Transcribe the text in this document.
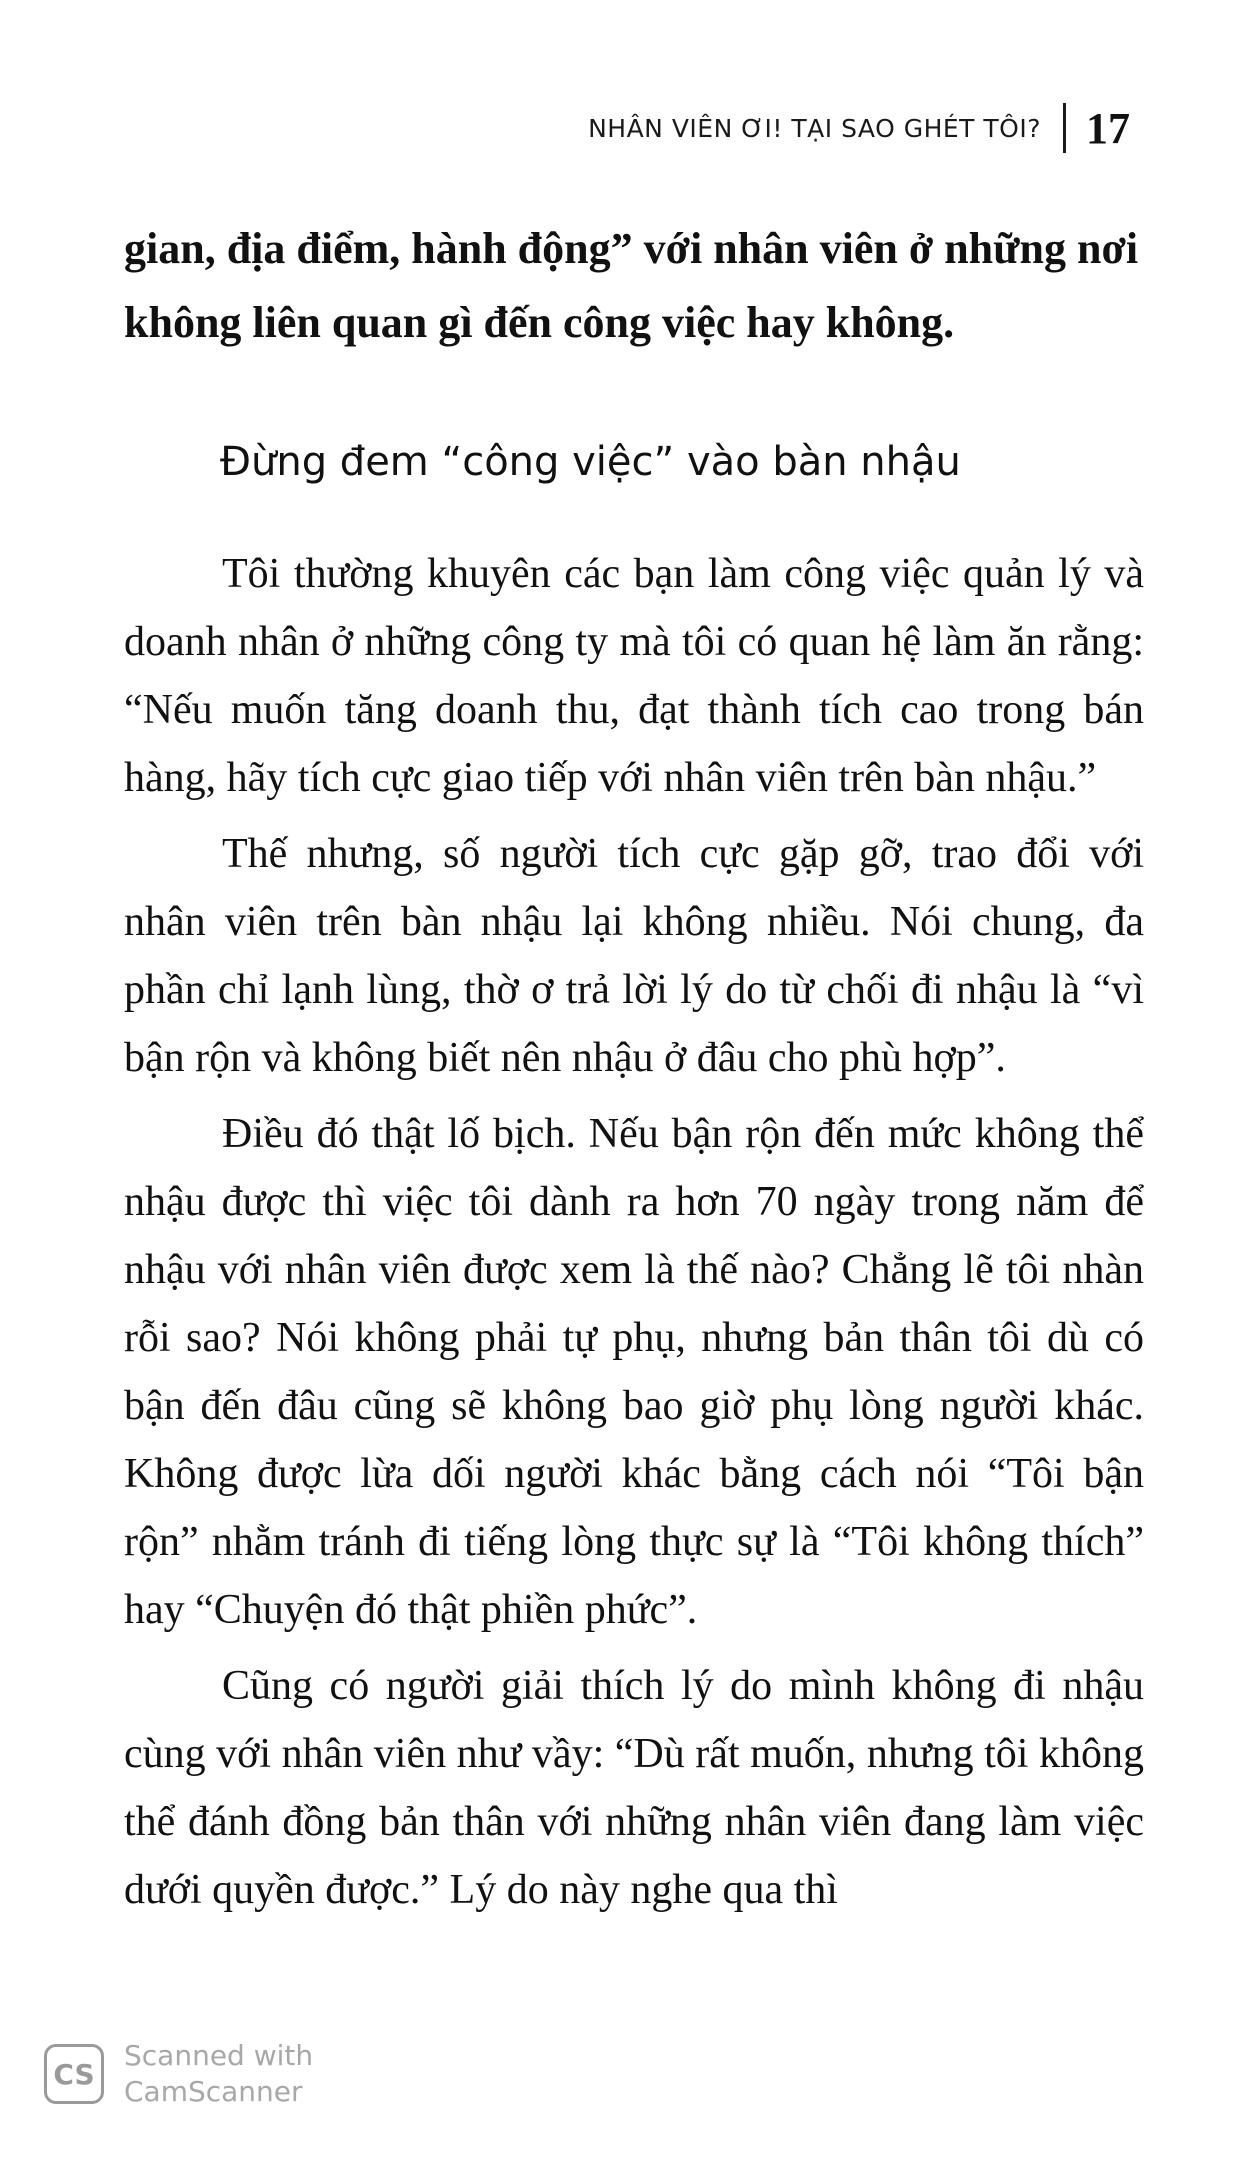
NHÂN VIÊN ƠI! TẠI SAO GHÉT TÔI? 17

gian, địa điểm, hành động” với nhân viên ở những nơi không liên quan gì đến công việc hay không.

Đừng đem “công việc” vào bàn nhậu

Tôi thường khuyên các bạn làm công việc quản lý và doanh nhân ở những công ty mà tôi có quan hệ làm ăn rằng: “Nếu muốn tăng doanh thu, đạt thành tích cao trong bán hàng, hãy tích cực giao tiếp với nhân viên trên bàn nhậu.”

Thế nhưng, số người tích cực gặp gỡ, trao đổi với nhân viên trên bàn nhậu lại không nhiều. Nói chung, đa phần chỉ lạnh lùng, thờ ơ trả lời lý do từ chối đi nhậu là “vì bận rộn và không biết nên nhậu ở đâu cho phù hợp”.

Điều đó thật lố bịch. Nếu bận rộn đến mức không thể nhậu được thì việc tôi dành ra hơn 70 ngày trong năm để nhậu với nhân viên được xem là thế nào? Chẳng lẽ tôi nhàn rỗi sao? Nói không phải tự phụ, nhưng bản thân tôi dù có bận đến đâu cũng sẽ không bao giờ phụ lòng người khác. Không được lừa dối người khác bằng cách nói “Tôi bận rộn” nhằm tránh đi tiếng lòng thực sự là “Tôi không thích” hay “Chuyện đó thật phiền phức”.

Cũng có người giải thích lý do mình không đi nhậu cùng với nhân viên như vầy: “Dù rất muốn, nhưng tôi không thể đánh đồng bản thân với những nhân viên đang làm việc dưới quyền được.” Lý do này nghe qua thì

CS
Scanned with
CamScanner
